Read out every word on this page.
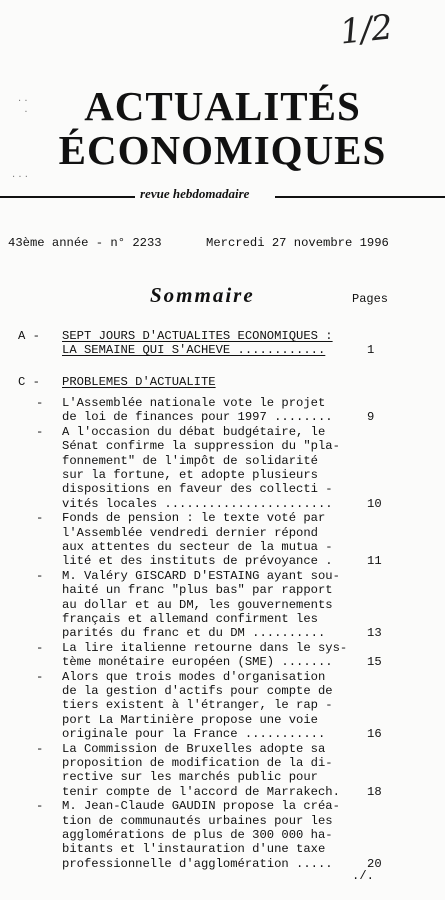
1/2
· ·
·
· · ·
ACTUALITÉS
ÉCONOMIQUES
revue hebdomadaire
43ème année - n° 2233	Mercredi 27 novembre 1996
Sommaire	Pages
A - SEPT JOURS D'ACTUALITES ECONOMIQUES :
LA SEMAINE QUI S'ACHEVE ............	1
C - PROBLEMES D'ACTUALITE
- L'Assemblée nationale vote le projet
de loi de finances pour 1997 ........	9
- A l'occasion du débat budgétaire, le
Sénat confirme la suppression du "pla-
fonnement" de l'impôt de solidarité
sur la fortune, et adopte plusieurs
dispositions en faveur des collecti -
vités locales .......................	10
- Fonds de pension : le texte voté par
l'Assemblée vendredi dernier répond
aux attentes du secteur de la mutua -
lité et des instituts de prévoyance .	11
- M. Valéry GISCARD D'ESTAING ayant sou-
haité un franc "plus bas" par rapport
au dollar et au DM, les gouvernements
français et allemand confirment les
parités du franc et du DM ..........	13
- La lire italienne retourne dans le sys-
tème monétaire européen (SME) .......	15
- Alors que trois modes d'organisation
de la gestion d'actifs pour compte de
tiers existent à l'étranger, le rap -
port La Martinière propose une voie
originale pour la France ...........	16
- La Commission de Bruxelles adopte sa
proposition de modification de la di-
rective sur les marchés public pour
tenir compte de l'accord de Marrakech. 18
- M. Jean-Claude GAUDIN propose la créa-
tion de communautés urbaines pour les
agglomérations de plus de 300 000 ha-
bitants et l'instauration d'une taxe
professionnelle d'agglomération .....	20
./.
